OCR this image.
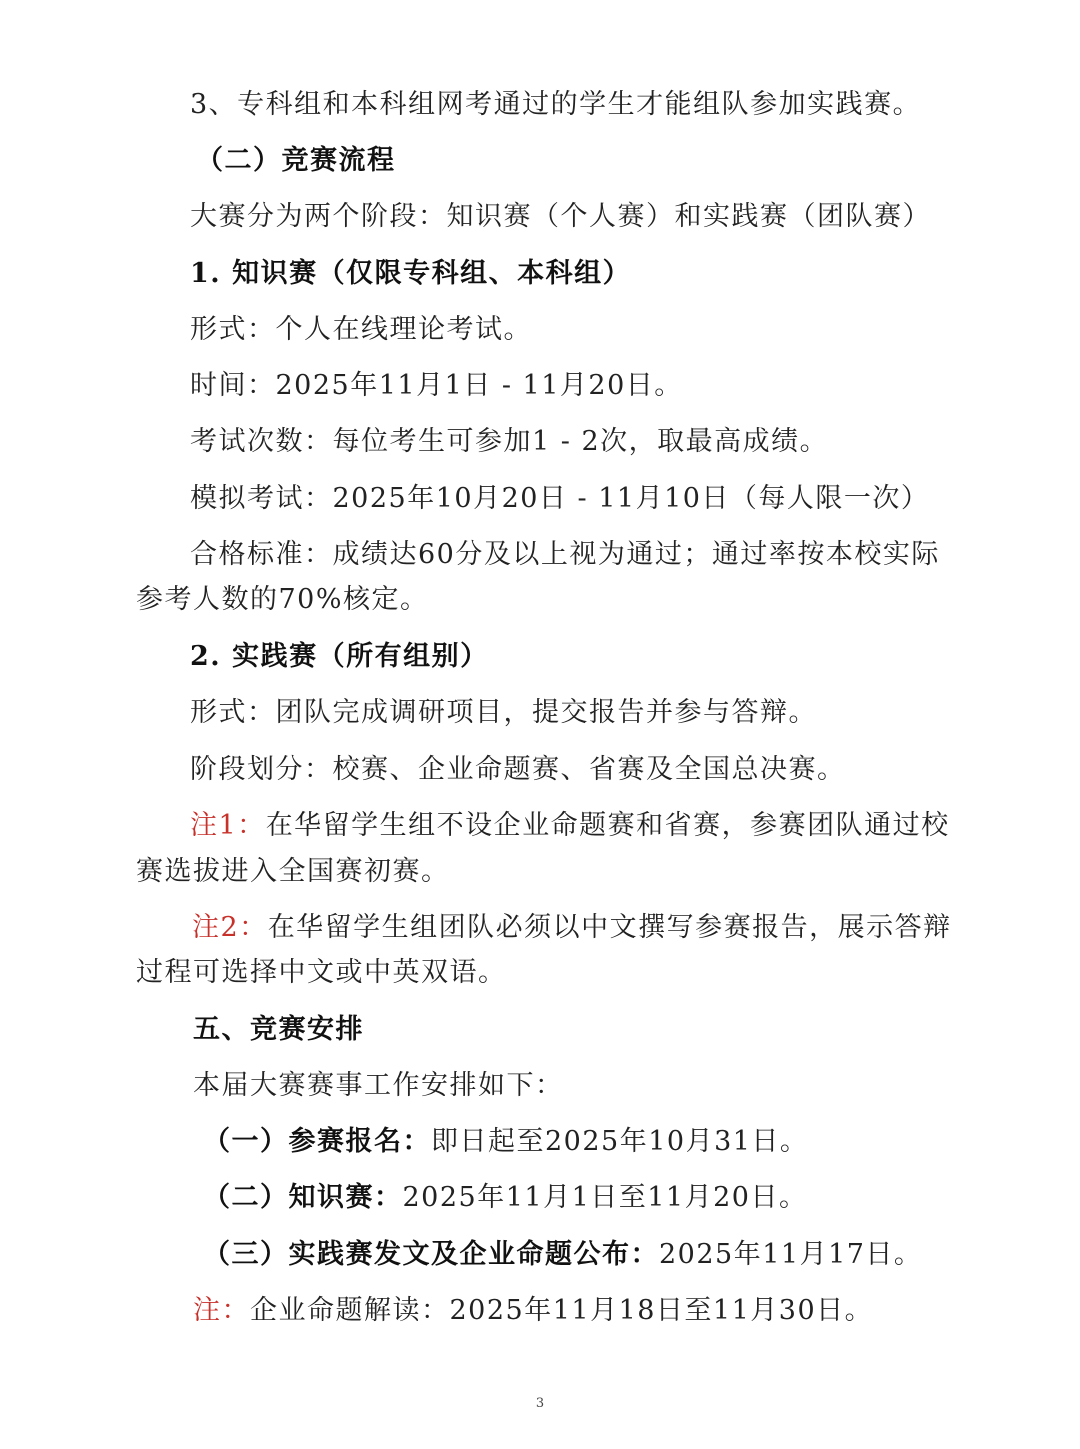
3、专科组和本科组网考通过的学生才能组队参加实践赛。
（二）竞赛流程
大赛分为两个阶段：知识赛（个人赛）和实践赛（团队赛）
1. 知识赛（仅限专科组、本科组）
形式：个人在线理论考试。
时间：2025年11月1日 - 11月20日。
考试次数：每位考生可参加1 - 2次，取最高成绩。
模拟考试：2025年10月20日 - 11月10日（每人限一次）
合格标准：成绩达60分及以上视为通过；通过率按本校实际
参考人数的70%核定。
2. 实践赛（所有组别）
形式：团队完成调研项目，提交报告并参与答辩。
阶段划分：校赛、企业命题赛、省赛及全国总决赛。
注1：在华留学生组不设企业命题赛和省赛，参赛团队通过校
赛选拔进入全国赛初赛。
注2：在华留学生组团队必须以中文撰写参赛报告，展示答辩
过程可选择中文或中英双语。
五、竞赛安排
本届大赛赛事工作安排如下：
（一）参赛报名：即日起至2025年10月31日。
（二）知识赛：2025年11月1日至11月20日。
（三）实践赛发文及企业命题公布：2025年11月17日。
注：企业命题解读：2025年11月18日至11月30日。
3
